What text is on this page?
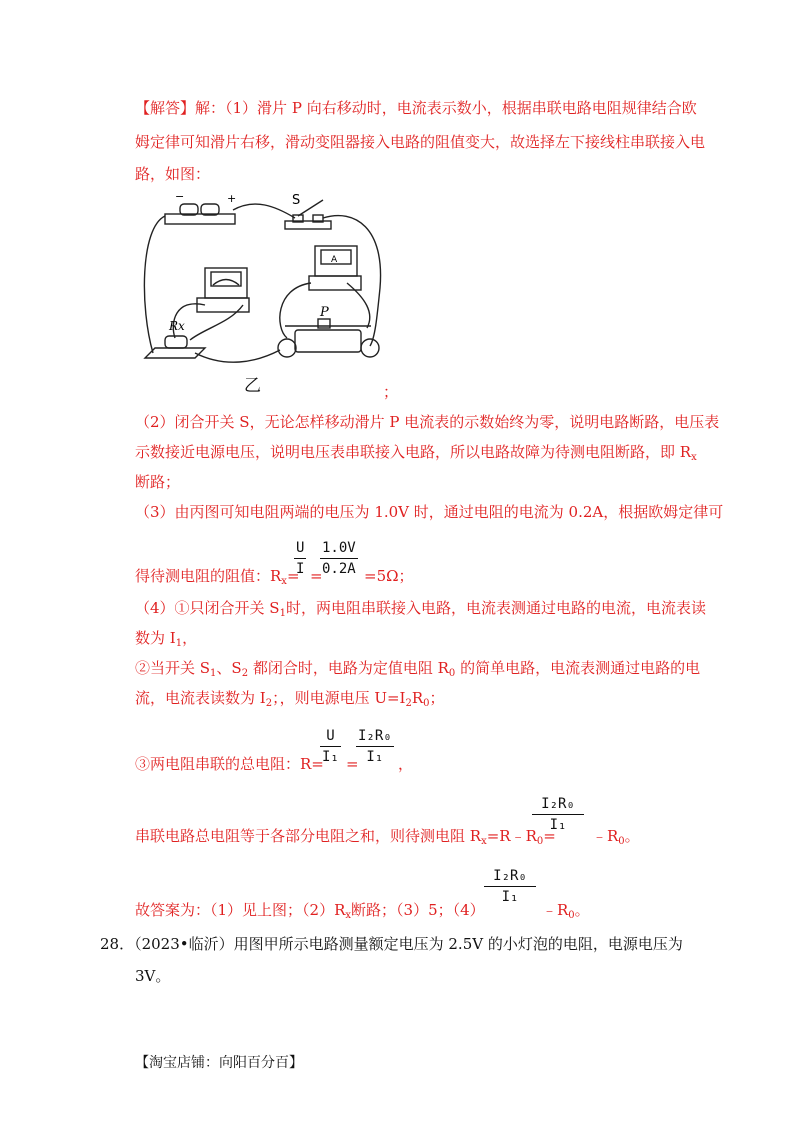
【解答】解：（1）滑片 P 向右移动时，电流表示数小，根据串联电路电阻规律结合欧
姆定律可知滑片右移，滑动变阻器接入电路的阻值变大，故选择左下接线柱串联接入电
路，如图：
−	+	S
A
P
Rx
乙	；
（2）闭合开关 S，无论怎样移动滑片 P 电流表的示数始终为零，说明电路断路，电压表
示数接近电源电压，说明电压表串联接入电路，所以电路故障为待测电阻断路，即 $R_x$
断路；
（3）由丙图可知电阻两端的电压为 1.0V 时，通过电阻的电流为 0.2A，根据欧姆定律可
得待测电阻的阻值：$R_x=$
U
I =
1.0V
0.2A =5Ω；
（4）①只闭合开关 $S_1$时，两电阻串联接入电路，电流表测通过电路的电流，电流表读
数为 $I_1$，
②当开关 $S_1$、$S_2$ 都闭合时，电路为定值电阻 $R_0$ 的简单电路，电流表测通过电路的电
流，电流表读数为 $I_2$；，则电源电压 $U=I_2R_0$；
③两电阻串联的总电阻：R=
U
I₁ =
I₂R₀
I₁ ，
串联电路总电阻等于各部分电阻之和，则待测电阻 $R_x=R﹣R_0=$
I₂R₀
I₁
$﹣R_0$。
故答案为：（1）见上图；$(2)R_x$断路；（3）5；（4）
I₂R₀
I₁
$﹣R_0$。
28．（2023•临沂）用图甲所示电路测量额定电压为 2.5V 的小灯泡的电阻，电源电压为
3V。
【淘宝店铺：向阳百分百】
